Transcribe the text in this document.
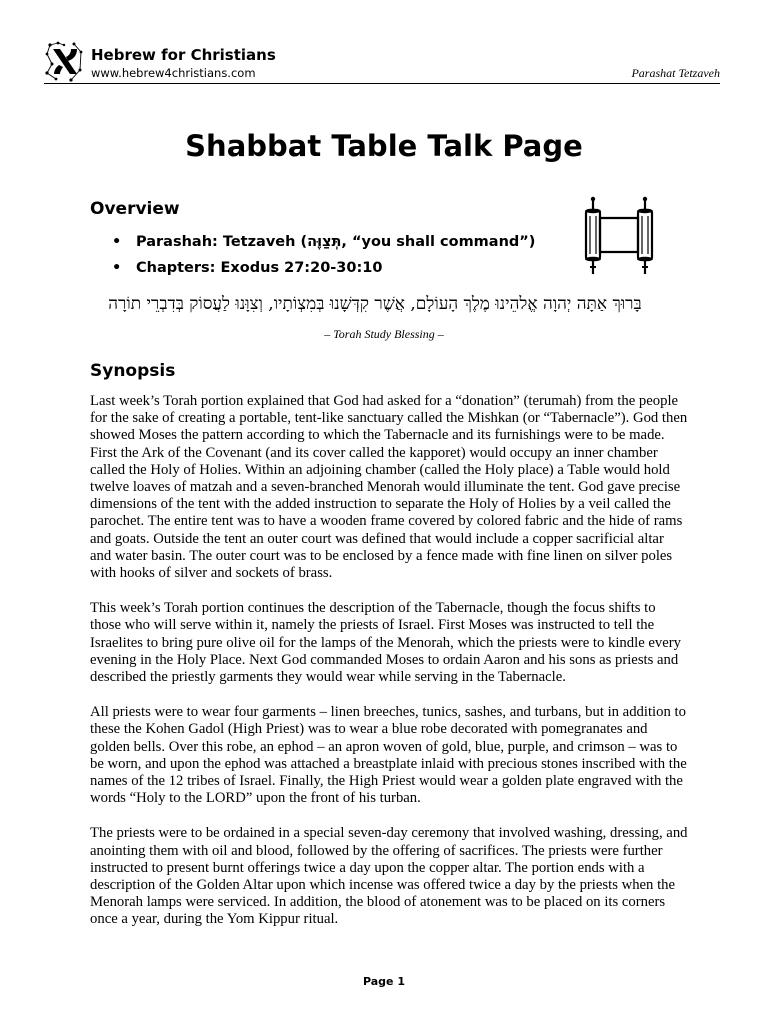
Hebrew for Christians
www.hebrew4christians.com	Parashat Tetzaveh
Shabbat Table Talk Page
Overview
• Parashah: Tetzaveh (תְּצַוֶּה, “you shall command”)
• Chapters: Exodus 27:20-30:10
בָּרוּךְ אַתָּה יְהוָה אֱלהֵינוּ מֶלֶךְ הָעוֹלָם, אֲשֶׁר קִדְּשָׁנוּ בְּמִצְוֹתָיו, וְצִוָּנוּ לַעֲסוֹק בְּדִבְרֵי תוֹרָה
– Torah Study Blessing –
Synopsis

Last week’s Torah portion explained that God had asked for a “donation” (terumah) from the people for the sake of creating a portable, tent-like sanctuary called the Mishkan (or “Tabernacle”). God then showed Moses the pattern according to which the Tabernacle and its furnishings were to be made. First the Ark of the Covenant (and its cover called the kapporet) would occupy an inner chamber called the Holy of Holies. Within an adjoining chamber (called the Holy place) a Table would hold twelve loaves of matzah and a seven-branched Menorah would illuminate the tent. God gave precise dimensions of the tent with the added instruction to separate the Holy of Holies by a veil called the parochet. The entire tent was to have a wooden frame covered by colored fabric and the hide of rams and goats. Outside the tent an outer court was defined that would include a copper sacrificial altar and water basin. The outer court was to be enclosed by a fence made with fine linen on silver poles with hooks of silver and sockets of brass.

This week’s Torah portion continues the description of the Tabernacle, though the focus shifts to those who will serve within it, namely the priests of Israel. First Moses was instructed to tell the Israelites to bring pure olive oil for the lamps of the Menorah, which the priests were to kindle every evening in the Holy Place. Next God commanded Moses to ordain Aaron and his sons as priests and described the priestly garments they would wear while serving in the Tabernacle.

All priests were to wear four garments – linen breeches, tunics, sashes, and turbans, but in addition to these the Kohen Gadol (High Priest) was to wear a blue robe decorated with pomegranates and golden bells. Over this robe, an ephod – an apron woven of gold, blue, purple, and crimson – was to be worn, and upon the ephod was attached a breastplate inlaid with precious stones inscribed with the names of the 12 tribes of Israel. Finally, the High Priest would wear a golden plate engraved with the words “Holy to the LORD” upon the front of his turban.

The priests were to be ordained in a special seven-day ceremony that involved washing, dressing, and anointing them with oil and blood, followed by the offering of sacrifices. The priests were further instructed to present burnt offerings twice a day upon the copper altar. The portion ends with a description of the Golden Altar upon which incense was offered twice a day by the priests when the Menorah lamps were serviced. In addition, the blood of atonement was to be placed on its corners once a year, during the Yom Kippur ritual.

Page 1
